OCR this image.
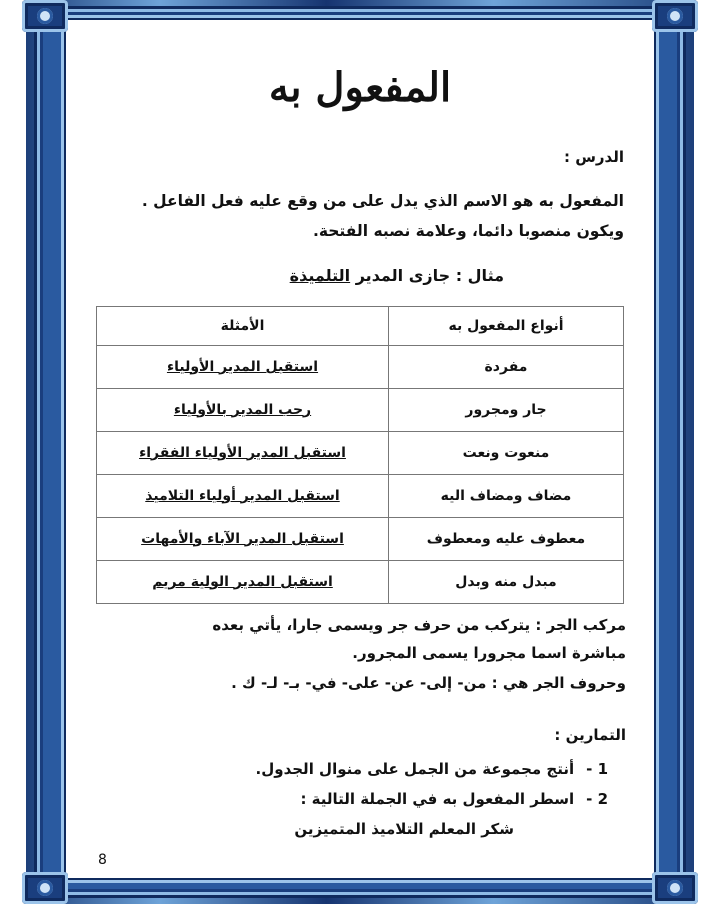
المفعول به
الدرس :
المفعول به هو الاسم الذي يدل على من وقع عليه فعل الفاعل .
ويكون منصوبا دائما، وعلامة نصبه الفتحة.
مثال : جازى المدير التلميذة
أنواع المفعول به	الأمثلة
مفردة	استقبل المدير الأولياء
جار ومجرور	رحب المدير بالأولياء
منعوت ونعت	استقبل المدير الأولياء الفقراء
مضاف ومضاف اليه	استقبل المدير أولياء التلاميذ
معطوف عليه ومعطوف	استقبل المدير الآباء والأمهات
مبدل منه وبدل	استقبل المدير الولية مريم
مركب الجر : يتركب من حرف جر ويسمى جارا، يأتي بعده
مباشرة اسما مجرورا يسمى المجرور.
وحروف الجر هي : من- إلى- عن- على- في- بـ- لـ- ك .
التمارين :
1 -أنتج مجموعة من الجمل على منوال الجدول.
2 -اسطر المفعول به في الجملة التالية :
شكر المعلم التلاميذ المتميزين
8
